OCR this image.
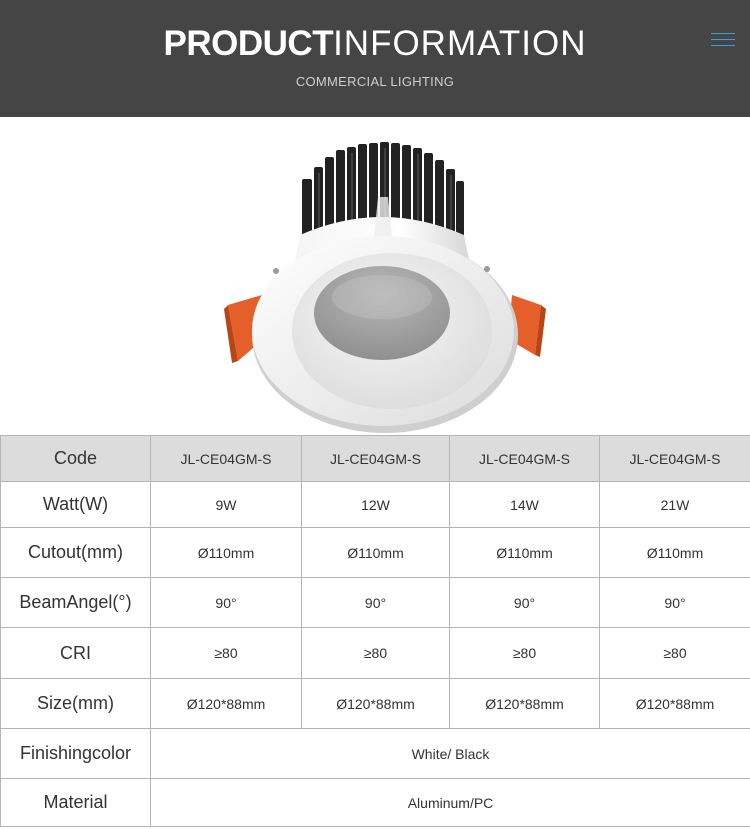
PRODUCTINFORMATION
COMMERCIAL LIGHTING
Code	JL-CE04GM-S	JL-CE04GM-S	JL-CE04GM-S	JL-CE04GM-S
Watt(W)	9W	12W	14W	21W
Cutout(mm)	Ø110mm	Ø110mm	Ø110mm	Ø110mm
BeamAngel(°)	90°	90°	90°	90°
CRI	≥80	≥80	≥80	≥80
Size(mm)	Ø120*88mm	Ø120*88mm	Ø120*88mm	Ø120*88mm
Finishingcolor	White/ Black			
Material	Aluminum/PC			
